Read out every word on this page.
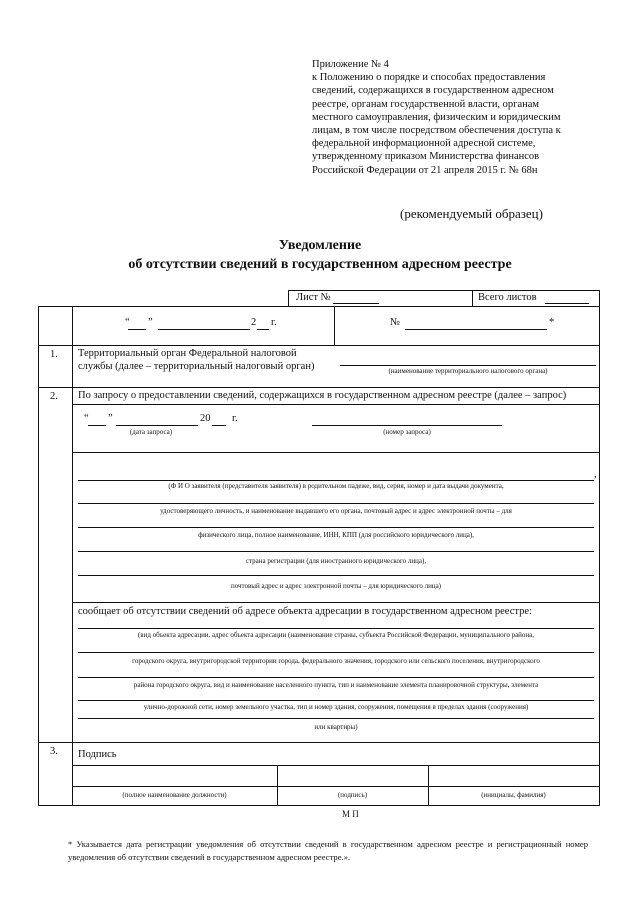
Приложение № 4
к Положению о порядке и способах предоставления
сведений, содержащихся в государственном адресном
реестре, органам государственной власти, органам
местного самоуправления, физическим и юридическим
лицам, в том числе посредством обеспечения доступа к
федеральной информационной адресной системе,
утвержденному приказом Министерства финансов
Российской Федерации от 21 апреля 2015 г. № 68н
(рекомендуемый образец)
Уведомление
об отсутствии сведений в государственном адресном реестре
Лист №	Всего листов
“ ”	2 г.	№	*
1. Территориальный орган Федеральной налоговой
службы (далее – территориальный налоговый орган)	(наименование территориального налогового органа)
2. По запросу о предоставлении сведений, содержащихся в государственном адресном реестре (далее – запрос)
“ ”	20 г.
(дата запроса)	(номер запроса)
,
(Ф И О заявителя (представителя заявителя) в родительном падеже, вид, серия, номер и дата выдачи документа,
удостоверяющего личность, и наименование выдавшего его органа, почтовый адрес и адрес электронной почты – для
физического лица, полное наименование, ИНН, КПП (для российского юридического лица),
страна регистрации (для иностранного юридического лица),
почтовый адрес и адрес электронной почты – для юридического лица)
сообщает об отсутствии сведений об адресе объекта адресации в государственном адресном реестре:
(вид объекта адресации, адрес объекта адресации (наименование страны, субъекта Российской Федерации, муниципального района,
городского округа, внутригородской территории города, федерального значения, городского или сельского поселения, внутригородского
района городского округа, вид и наименование населенного пункта, тип и наименование элемента планировочной структуры, элемента
улично-дорожной сети, номер земельного участка, тип и номер здания, сооружения, помещения в пределах здания (сооружения)
или квартиры)
3. Подпись
(полное наименование должности)	(подпись)	(инициалы, фамилия)
М П
* Указывается дата регистрации уведомления об отсутствии сведений в государственном адресном реестре и регистрационный номер уведомления об отсутствии сведений в государственном адресном реестре.».
